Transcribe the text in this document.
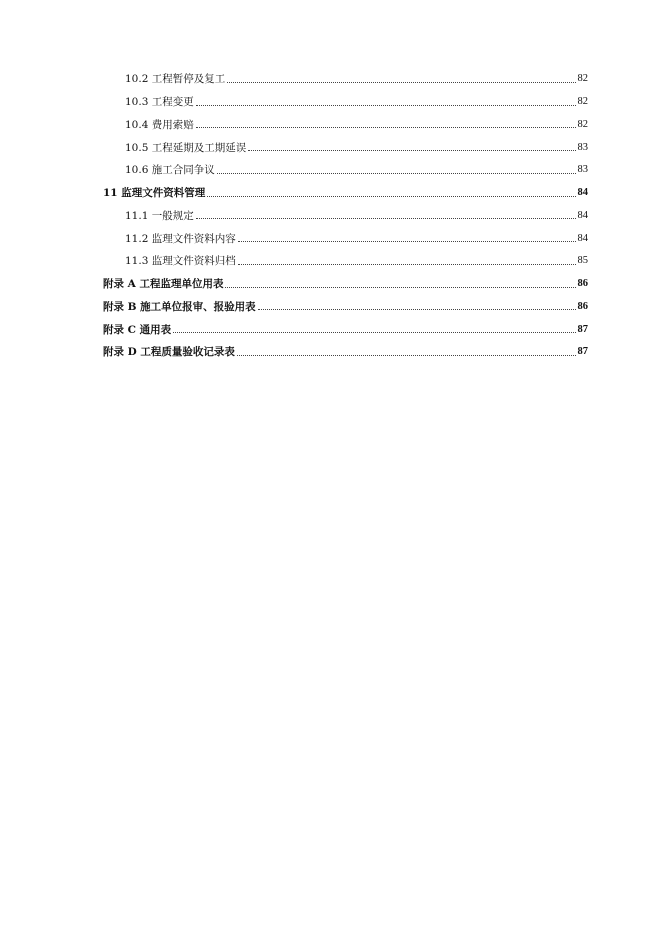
10.2 工程暂停及复工	82
10.3 工程变更	82
10.4 费用索赔	82
10.5 工程延期及工期延误	83
10.6 施工合同争议	83
11 监理文件资料管理	84
11.1 一般规定	84
11.2 监理文件资料内容	84
11.3 监理文件资料归档	85
附录 A 工程监理单位用表	86
附录 B 施工单位报审、报验用表	86
附录 C 通用表	87
附录 D 工程质量验收记录表	87
